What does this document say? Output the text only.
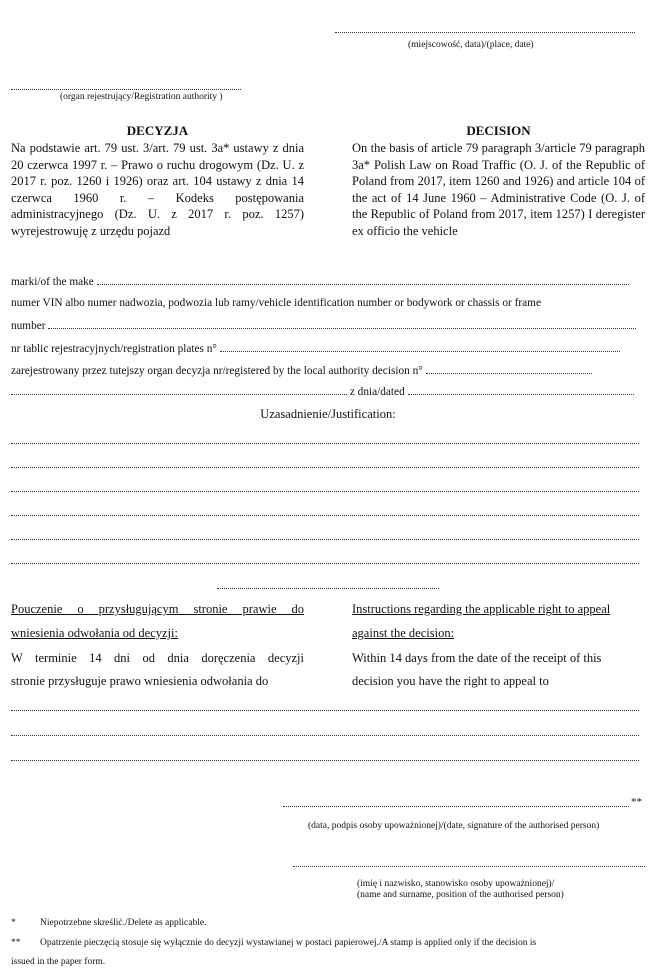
(miejscowość, data)/(place, date)
(organ rejestrujący/Registration authority )
DECYZJA
Na podstawie art. 79 ust. 3/art. 79 ust. 3a* ustawy z dnia 20 czerwca 1997 r. – Prawo o ruchu drogowym (Dz. U. z 2017 r. poz. 1260 i 1926) oraz art. 104 ustawy z dnia 14 czerwca 1960 r. – Kodeks postępowania administracyjnego (Dz. U. z 2017 r. poz. 1257) wyrejestrowuję z urzędu pojazd
DECISION
On the basis of article 79 paragraph 3/article 79 paragraph 3a* Polish Law on Road Traffic (O. J. of the Republic of Poland from 2017, item 1260 and 1926) and article 104 of the act of 14 June 1960 – Administrative Code (O. J. of the Republic of Poland from 2017, item 1257) I deregister ex officio the vehicle
marki/of the make
numer VIN albo numer nadwozia, podwozia lub ramy/vehicle identification number or bodywork or chassis or frame
number
nr tablic rejestracyjnych/registration plates n°
zarejestrowany przez tutejszy organ decyzja nr/registered by the local authority decision n°
z dnia/dated
Uzasadnienie/Justification:
Pouczenie o przysługującym stronie prawie do
wniesienia odwołania od decyzji:
W terminie 14 dni od dnia doręczenia decyzji
stronie przysługuje prawo wniesienia odwołania do
Instructions regarding the applicable right to appeal
against the decision:
Within 14 days from the date of the receipt of this
decision you have the right to appeal to
**
(data, podpis osoby upoważnionej)/(date, signature of the authorised person)
(imię i nazwisko, stanowisko osoby upoważnionej)/
(name and surname, position of the authorised person)
*	Niepotrzebne skreślić./Delete as applicable.
** Opatrzenie pieczęcią stosuje się wyłącznie do decyzji wystawianej w postaci papierowej./A stamp is applied only if the decision is
issued in the paper form.
